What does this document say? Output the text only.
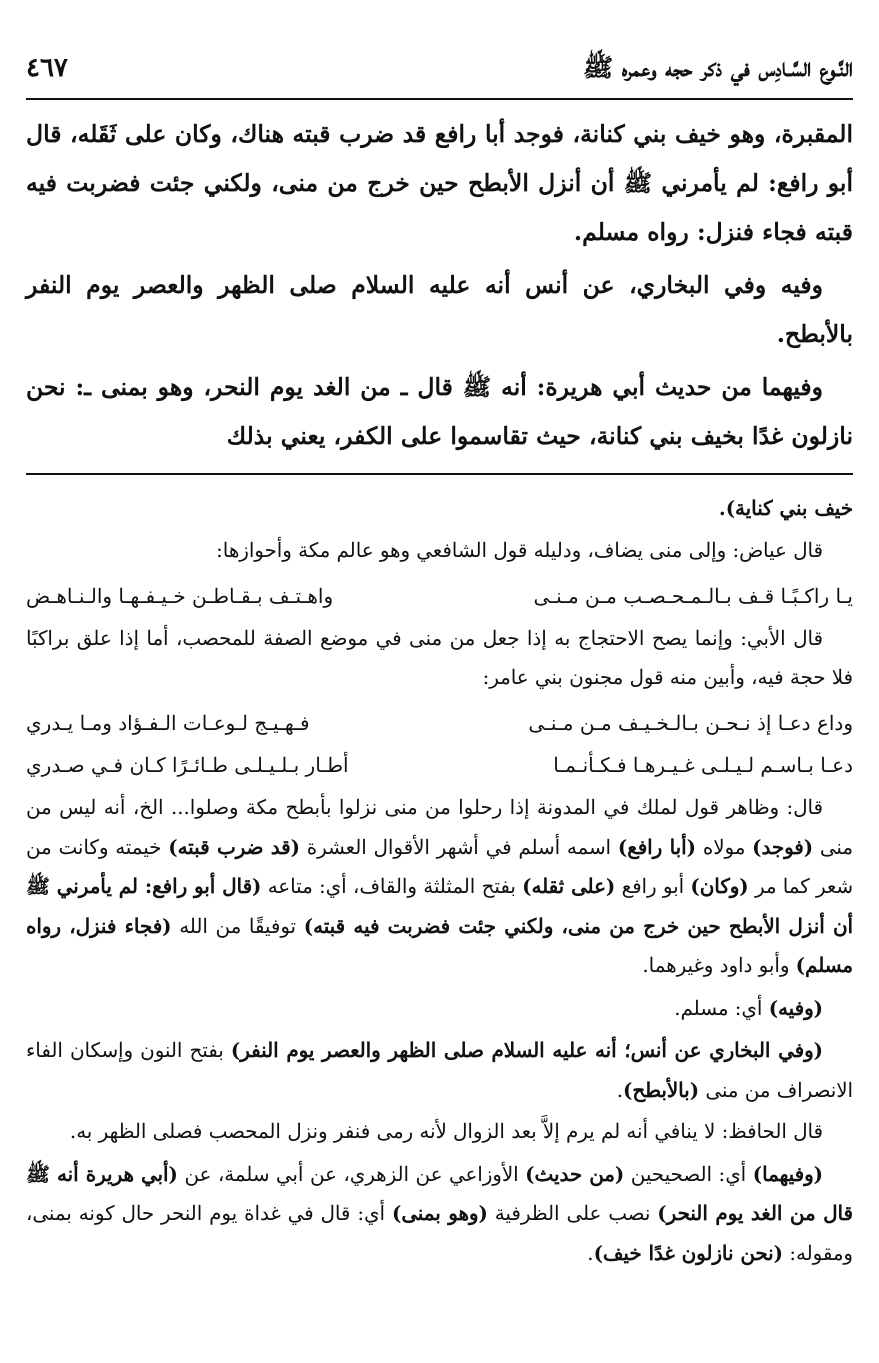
النَّـوع السَّـادِس في ذكر حجه وعمره ﷺ
٤٦٧

المقبرة، وهو خيف بني كنانة، فوجد أبا رافع قد ضرب قبته هناك، وكان على ثَقَله، قال أبو رافع: لم يأمرني ﷺ أن أنزل الأبطح حين خرج من منى، ولكني جئت فضربت فيه قبته فجاء فنزل: رواه مسلم.

وفيه وفي البخاري، عن أنس أنه عليه السلام صلى الظهر والعصر يوم النفر بالأبطح.

وفيهما من حديث أبي هريرة: أنه ﷺ قال ـ من الغد يوم النحر، وهو بمنى ـ: نحن نازلون غدًا بخيف بني كنانة، حيث تقاسموا على الكفر، يعني بذلك

خيف بني كناية).

قال عياض: وإلى منى يضاف، ودليله قول الشافعي وهو عالم مكة وأحوازها:

يـا راكـبًـا قـف بـالـمـحـصـب مـن مـنـى
واهـتـف بـقـاطـن خـيـفـهـا والـنـاهـض

قال الأبي: وإنما يصح الاحتجاج به إذا جعل من منى في موضع الصفة للمحصب، أما إذا علق براكبًا فلا حجة فيه، وأبين منه قول مجنون بني عامر:

وداع دعـا إذ نـحـن بـالـخـيـف مـن مـنـى
فـهـيـج لـوعـات الـفـؤاد ومـا يـدري
دعـا بـاسـم لـيـلـى غـيـرهـا فـكـأنـمـا
أطـار بـلـيـلـى طـائـرًا كـان فـي صـدري

قال: وظاهر قول لملك في المدونة إذا رحلوا من منى نزلوا بأبطح مكة وصلوا... الخ، أنه ليس من منى (فوجد) مولاه (أبا رافع) اسمه أسلم في أشهر الأقوال العشرة (قد ضرب قبته) خيمته وكانت من شعر كما مر (وكان) أبو رافع (على ثقله) بفتح المثلثة والقاف، أي: متاعه (قال أبو رافع: لم يأمرني ﷺ أن أنزل الأبطح حين خرج من منى، ولكني جئت فضربت فيه قبته) توفيقًا من الله (فجاء فنزل، رواه مسلم) وأبو داود وغيرهما.

(وفيه) أي: مسلم.

(وفي البخاري عن أنس؛ أنه عليه السلام صلى الظهر والعصر يوم النفر) بفتح النون وإسكان الفاء الانصراف من منى (بالأبطح).

قال الحافظ: لا ينافي أنه لم يرم إلاَّ بعد الزوال لأنه رمى فنفر ونزل المحصب فصلى الظهر به.

(وفيهما) أي: الصحيحين (من حديث) الأوزاعي عن الزهري، عن أبي سلمة، عن (أبي هريرة أنه ﷺ قال من الغد يوم النحر) نصب على الظرفية (وهو بمنى) أي: قال في غداة يوم النحر حال كونه بمنى، ومقوله: (نحن نازلون غدًا خيف).
